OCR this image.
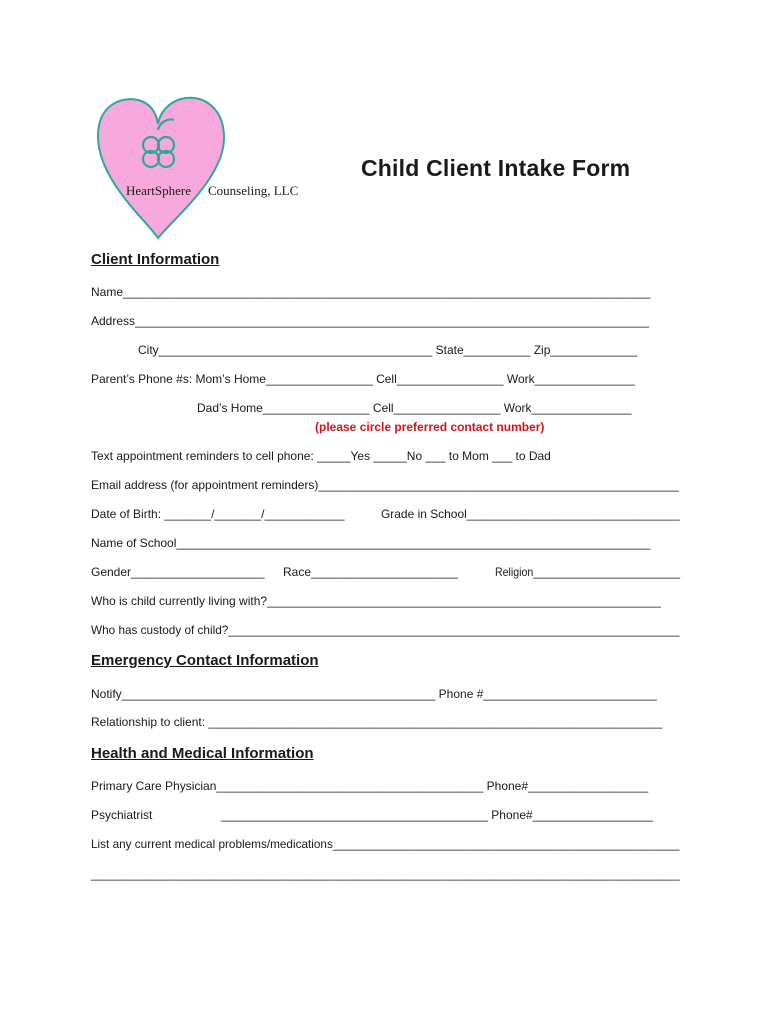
HeartSphere Counseling, LLC
Child Client Intake Form
Client Information
Name_______________________________________________________________________________
Address_____________________________________________________________________________
City_________________________________________ State__________ Zip_____________
Parent’s Phone #s: Mom’s Home________________ Cell________________ Work_______________
Dad’s Home________________ Cell________________ Work_______________
(please circle preferred contact number)
Text appointment reminders to cell phone: _____Yes _____No ___ to Mom ___ to Dad
Email address (for appointment reminders)______________________________________________________
Date of Birth: _______/_______/____________	Grade in School________________________________
Name of School_______________________________________________________________________
Gender____________________ Race______________________	Religion_________________________
Who is child currently living with?___________________________________________________________
Who has custody of child?_____________________________________________________________________
Emergency Contact Information
Notify_______________________________________________ Phone #__________________________
Relationship to client: ____________________________________________________________________
Health and Medical Information
Primary Care Physician________________________________________ Phone#__________________
Psychiatrist	________________________________________ Phone#__________________
List any current medical problems/medications_____________________________________________________
___________________________________________________________________________________________________
